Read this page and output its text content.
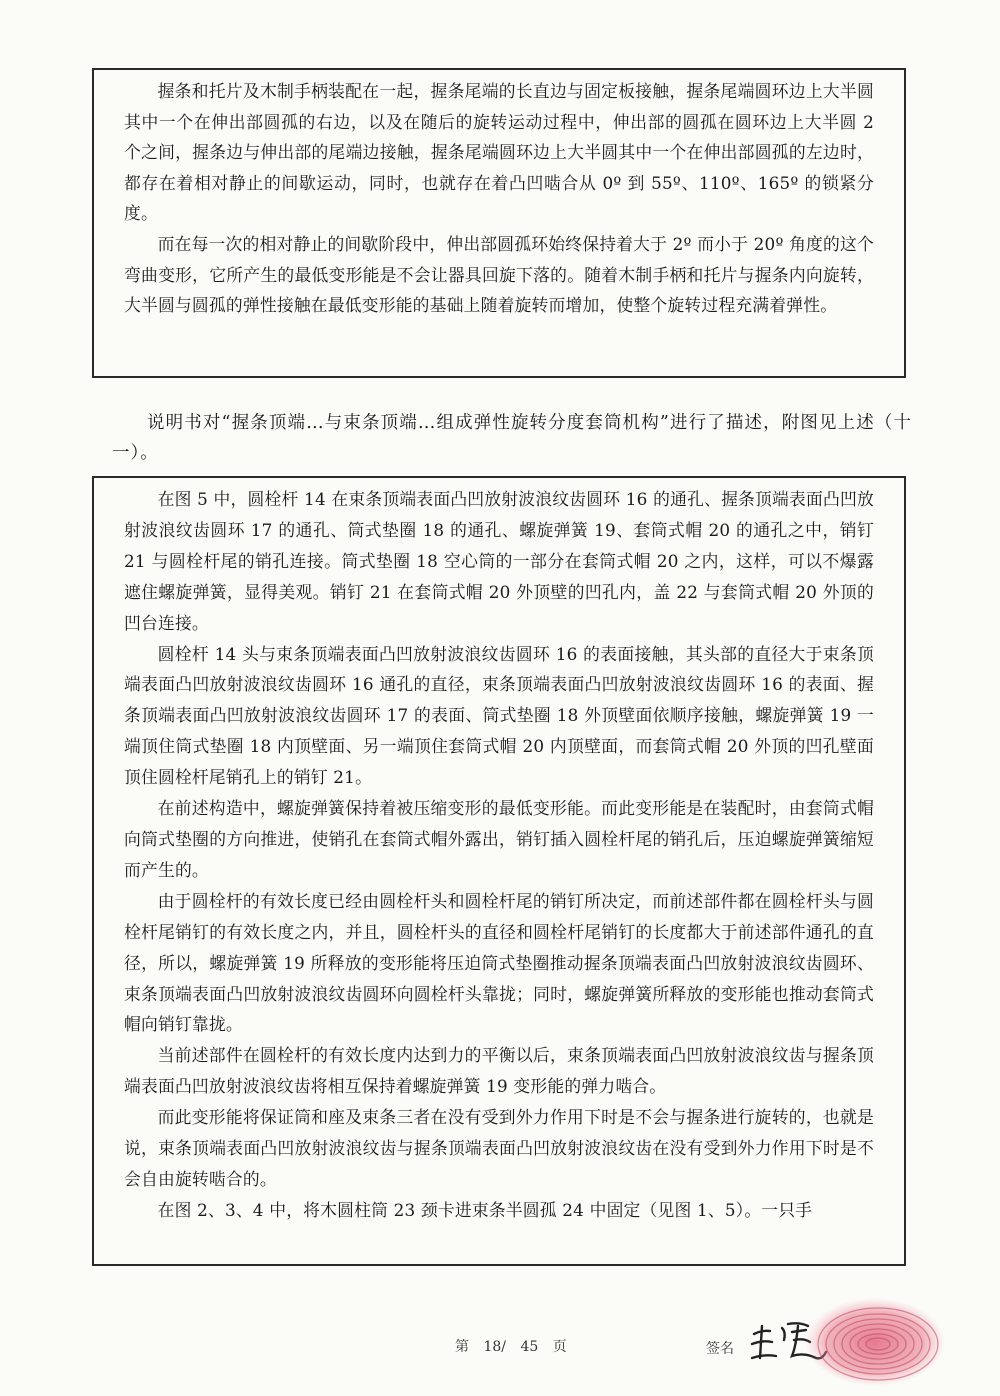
握条和托片及木制手柄装配在一起，握条尾端的长直边与固定板接触，握条尾端圆环边上大半圆其中一个在伸出部圆孤的右边，以及在随后的旋转运动过程中，伸出部的圆孤在圆环边上大半圆 2 个之间，握条边与伸出部的尾端边接触，握条尾端圆环边上大半圆其中一个在伸出部圆孤的左边时，都存在着相对静止的间歇运动，同时，也就存在着凸凹啮合从 0º 到 55º、110º、165º 的锁紧分度。

而在每一次的相对静止的间歇阶段中，伸出部圆孤环始终保持着大于 2º 而小于 20º 角度的这个弯曲变形，它所产生的最低变形能是不会让器具回旋下落的。随着木制手柄和托片与握条内向旋转，大半圆与圆孤的弹性接触在最低变形能的基础上随着旋转而增加，使整个旋转过程充满着弹性。

说明书对“握条顶端…与束条顶端…组成弹性旋转分度套筒机构”进行了描述，附图见上述（十一）。

在图 5 中，圆栓杆 14 在束条顶端表面凸凹放射波浪纹齿圆环 16 的通孔、握条顶端表面凸凹放射波浪纹齿圆环 17 的通孔、筒式垫圈 18 的通孔、螺旋弹簧 19、套筒式帽 20 的通孔之中，销钉 21 与圆栓杆尾的销孔连接。筒式垫圈 18 空心筒的一部分在套筒式帽 20 之内，这样，可以不爆露遮住螺旋弹簧，显得美观。销钉 21 在套筒式帽 20 外顶壁的凹孔内，盖 22 与套筒式帽 20 外顶的凹台连接。

圆栓杆 14 头与束条顶端表面凸凹放射波浪纹齿圆环 16 的表面接触，其头部的直径大于束条顶端表面凸凹放射波浪纹齿圆环 16 通孔的直径，束条顶端表面凸凹放射波浪纹齿圆环 16 的表面、握条顶端表面凸凹放射波浪纹齿圆环 17 的表面、筒式垫圈 18 外顶壁面依顺序接触，螺旋弹簧 19 一端顶住筒式垫圈 18 内顶壁面、另一端顶住套筒式帽 20 内顶壁面，而套筒式帽 20 外顶的凹孔壁面顶住圆栓杆尾销孔上的销钉 21。

在前述构造中，螺旋弹簧保持着被压缩变形的最低变形能。而此变形能是在装配时，由套筒式帽向筒式垫圈的方向推进，使销孔在套筒式帽外露出，销钉插入圆栓杆尾的销孔后，压迫螺旋弹簧缩短而产生的。

由于圆栓杆的有效长度已经由圆栓杆头和圆栓杆尾的销钉所决定，而前述部件都在圆栓杆头与圆栓杆尾销钉的有效长度之内，并且，圆栓杆头的直径和圆栓杆尾销钉的长度都大于前述部件通孔的直径，所以，螺旋弹簧 19 所释放的变形能将压迫筒式垫圈推动握条顶端表面凸凹放射波浪纹齿圆环、束条顶端表面凸凹放射波浪纹齿圆环向圆栓杆头靠拢；同时，螺旋弹簧所释放的变形能也推动套筒式帽向销钉靠拢。

当前述部件在圆栓杆的有效长度内达到力的平衡以后，束条顶端表面凸凹放射波浪纹齿与握条顶端表面凸凹放射波浪纹齿将相互保持着螺旋弹簧 19 变形能的弹力啮合。

而此变形能将保证筒和座及束条三者在没有受到外力作用下时是不会与握条进行旋转的，也就是说，束条顶端表面凸凹放射波浪纹齿与握条顶端表面凸凹放射波浪纹齿在没有受到外力作用下时是不会自由旋转啮合的。

在图 2、3、4 中，将木圆柱筒 23 颈卡进束条半圆孤 24 中固定（见图 1、5）。一只手

第 18/ 45 页	签名
